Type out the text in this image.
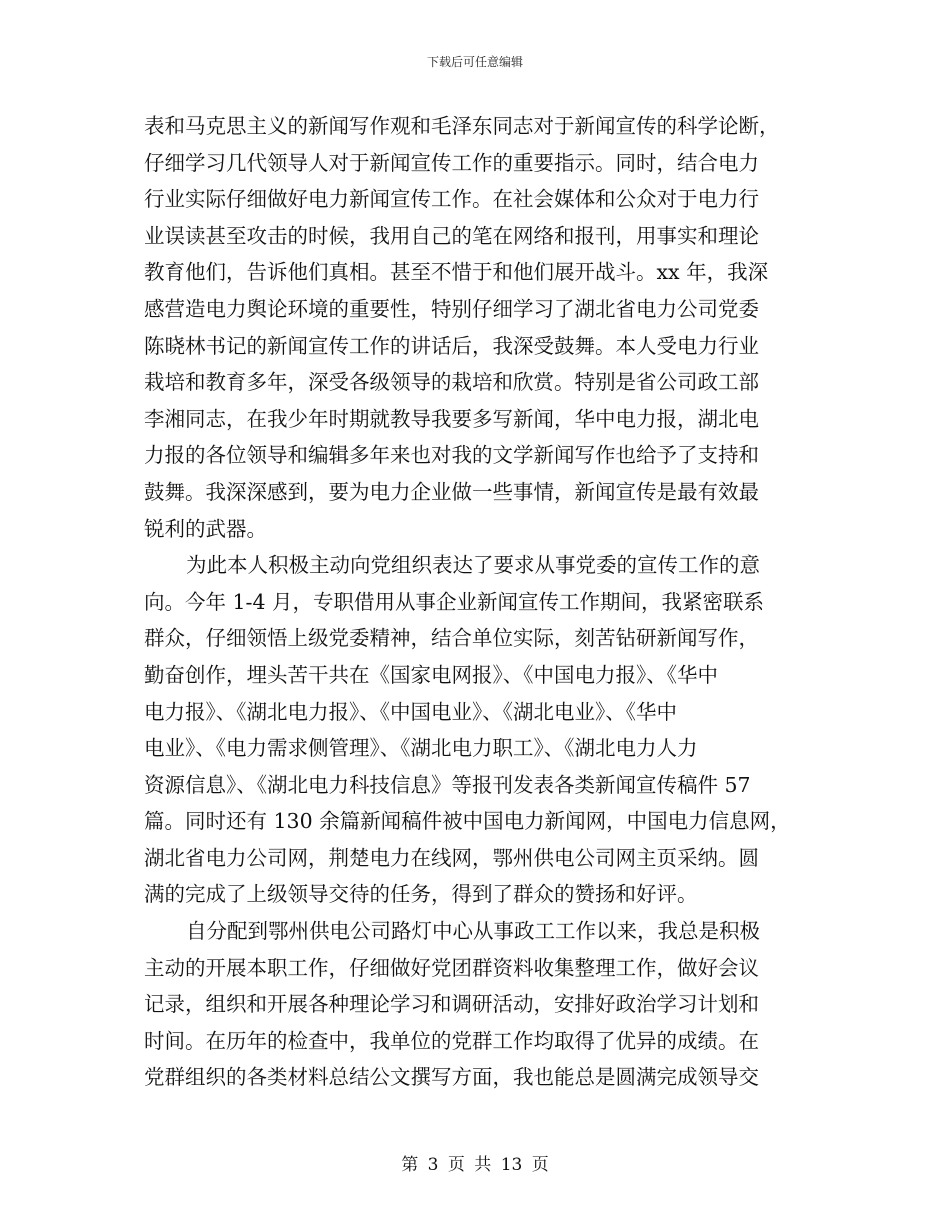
下载后可任意编辑
表和马克思主义的新闻写作观和毛泽东同志对于新闻宣传的科学论断，
仔细学习几代领导人对于新闻宣传工作的重要指示。同时，结合电力
行业实际仔细做好电力新闻宣传工作。在社会媒体和公众对于电力行
业误读甚至攻击的时候，我用自己的笔在网络和报刊，用事实和理论
教育他们，告诉他们真相。甚至不惜于和他们展开战斗。xx 年，我深
感营造电力舆论环境的重要性，特别仔细学习了湖北省电力公司党委
陈晓林书记的新闻宣传工作的讲话后，我深受鼓舞。本人受电力行业
栽培和教育多年，深受各级领导的栽培和欣赏。特别是省公司政工部
李湘同志，在我少年时期就教导我要多写新闻，华中电力报，湖北电
力报的各位领导和编辑多年来也对我的文学新闻写作也给予了支持和
鼓舞。我深深感到，要为电力企业做一些事情，新闻宣传是最有效最
锐利的武器。
为此本人积极主动向党组织表达了要求从事党委的宣传工作的意
向。今年 1-4 月，专职借用从事企业新闻宣传工作期间，我紧密联系
群众，仔细领悟上级党委精神，结合单位实际，刻苦钻研新闻写作，
勤奋创作，埋头苦干共在《国家电网报》、《中国电力报》、《华中
电力报》、《湖北电力报》、《中国电业》、《湖北电业》、《华中
电业》、《电力需求侧管理》、《湖北电力职工》、《湖北电力人力
资源信息》、《湖北电力科技信息》等报刊发表各类新闻宣传稿件 57
篇。同时还有 130 余篇新闻稿件被中国电力新闻网，中国电力信息网，
湖北省电力公司网，荆楚电力在线网，鄂州供电公司网主页采纳。圆
满的完成了上级领导交待的任务，得到了群众的赞扬和好评。
自分配到鄂州供电公司路灯中心从事政工工作以来，我总是积极
主动的开展本职工作，仔细做好党团群资料收集整理工作，做好会议
记录，组织和开展各种理论学习和调研活动，安排好政治学习计划和
时间。在历年的检查中，我单位的党群工作均取得了优异的成绩。在
党群组织的各类材料总结公文撰写方面，我也能总是圆满完成领导交
第 3 页 共 13 页
